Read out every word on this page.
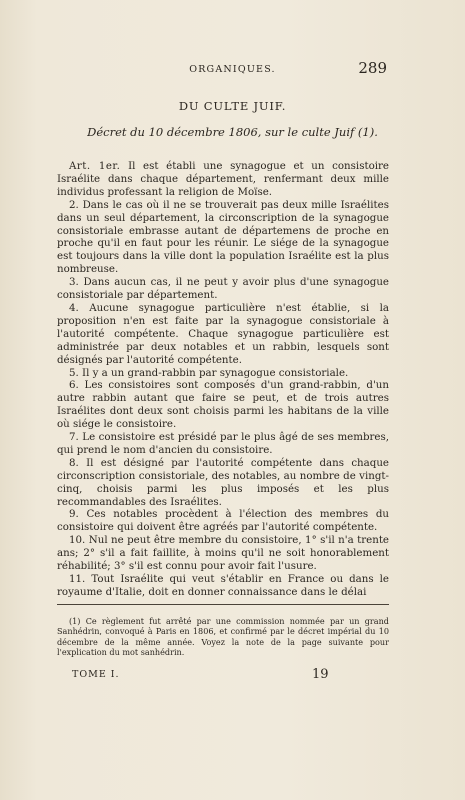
ORGANIQUES.	289
DU CULTE JUIF.
Décret du 10 décembre 1806, sur le culte Juif (1).

Art. 1er. Il est établi une synagogue et un consistoire Israélite dans chaque département, renfermant deux mille individus professant la religion de Moïse.

2. Dans le cas où il ne se trouverait pas deux mille Israélites dans un seul département, la circonscription de la synagogue consistoriale embrasse autant de départemens de proche en proche qu'il en faut pour les réunir. Le siége de la synagogue est toujours dans la ville dont la population Israélite est la plus nombreuse.

3. Dans aucun cas, il ne peut y avoir plus d'une synagogue consistoriale par département.

4. Aucune synagogue particulière n'est établie, si la proposition n'en est faite par la synagogue consistoriale à l'autorité compétente. Chaque synagogue particulière est administrée par deux notables et un rabbin, lesquels sont désignés par l'autorité compétente.

5. Il y a un grand-rabbin par synagogue consistoriale.

6. Les consistoires sont composés d'un grand-rabbin, d'un autre rabbin autant que faire se peut, et de trois autres Israélites dont deux sont choisis parmi les habitans de la ville où siége le consistoire.

7. Le consistoire est présidé par le plus âgé de ses membres, qui prend le nom d'ancien du consistoire.

8. Il est désigné par l'autorité compétente dans chaque circonscription consistoriale, des notables, au nombre de vingt-cinq, choisis parmi les plus imposés et les plus recommandables des Israélites.

9. Ces notables procèdent à l'élection des membres du consistoire qui doivent être agréés par l'autorité compétente.

10. Nul ne peut être membre du consistoire, 1° s'il n'a trente ans; 2° s'il a fait faillite, à moins qu'il ne soit honorablement réhabilité; 3° s'il est connu pour avoir fait l'usure.

11. Tout Israélite qui veut s'établir en France ou dans le royaume d'Italie, doit en donner connaissance dans le délai

(1) Ce règlement fut arrêté par une commission nommée par un grand Sanhédrin, convoqué à Paris en 1806, et confirmé par le décret impérial du 10 décembre de la même année. Voyez la note de la page suivante pour l'explication du mot sanhédrin.
TOME I.	19
